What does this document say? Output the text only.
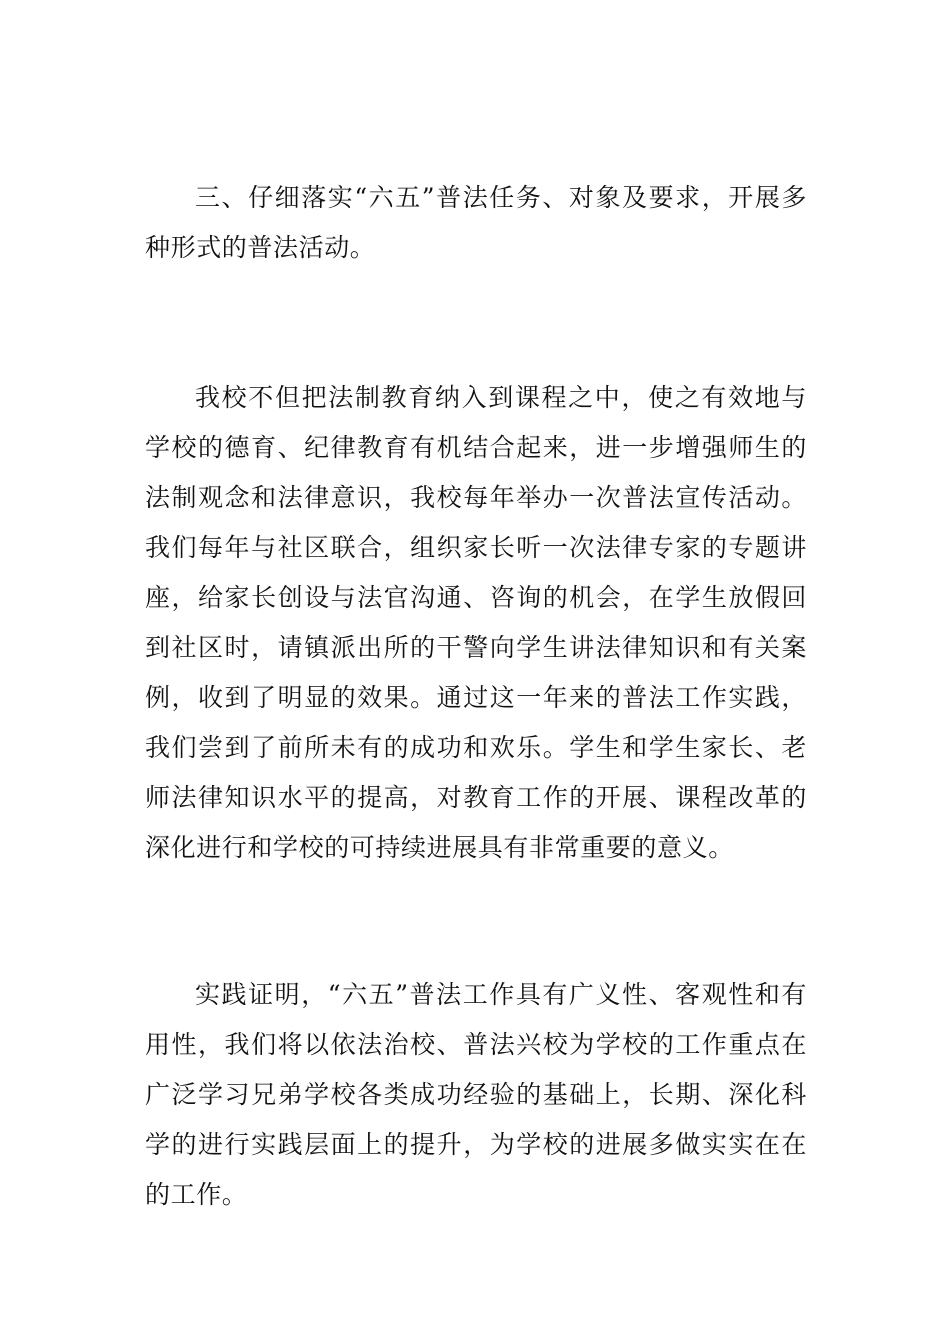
三、仔细落实“六五”普法任务、对象及要求，开展多种形式的普法活动。

我校不但把法制教育纳入到课程之中，使之有效地与学校的德育、纪律教育有机结合起来，进一步增强师生的法制观念和法律意识，我校每年举办一次普法宣传活动。我们每年与社区联合，组织家长听一次法律专家的专题讲座，给家长创设与法官沟通、咨询的机会，在学生放假回到社区时，请镇派出所的干警向学生讲法律知识和有关案例，收到了明显的效果。通过这一年来的普法工作实践，我们尝到了前所未有的成功和欢乐。学生和学生家长、老师法律知识水平的提高，对教育工作的开展、课程改革的深化进行和学校的可持续进展具有非常重要的意义。

实践证明，“六五”普法工作具有广义性、客观性和有用性，我们将以依法治校、普法兴校为学校的工作重点在广泛学习兄弟学校各类成功经验的基础上，长期、深化科学的进行实践层面上的提升，为学校的进展多做实实在在的工作。
